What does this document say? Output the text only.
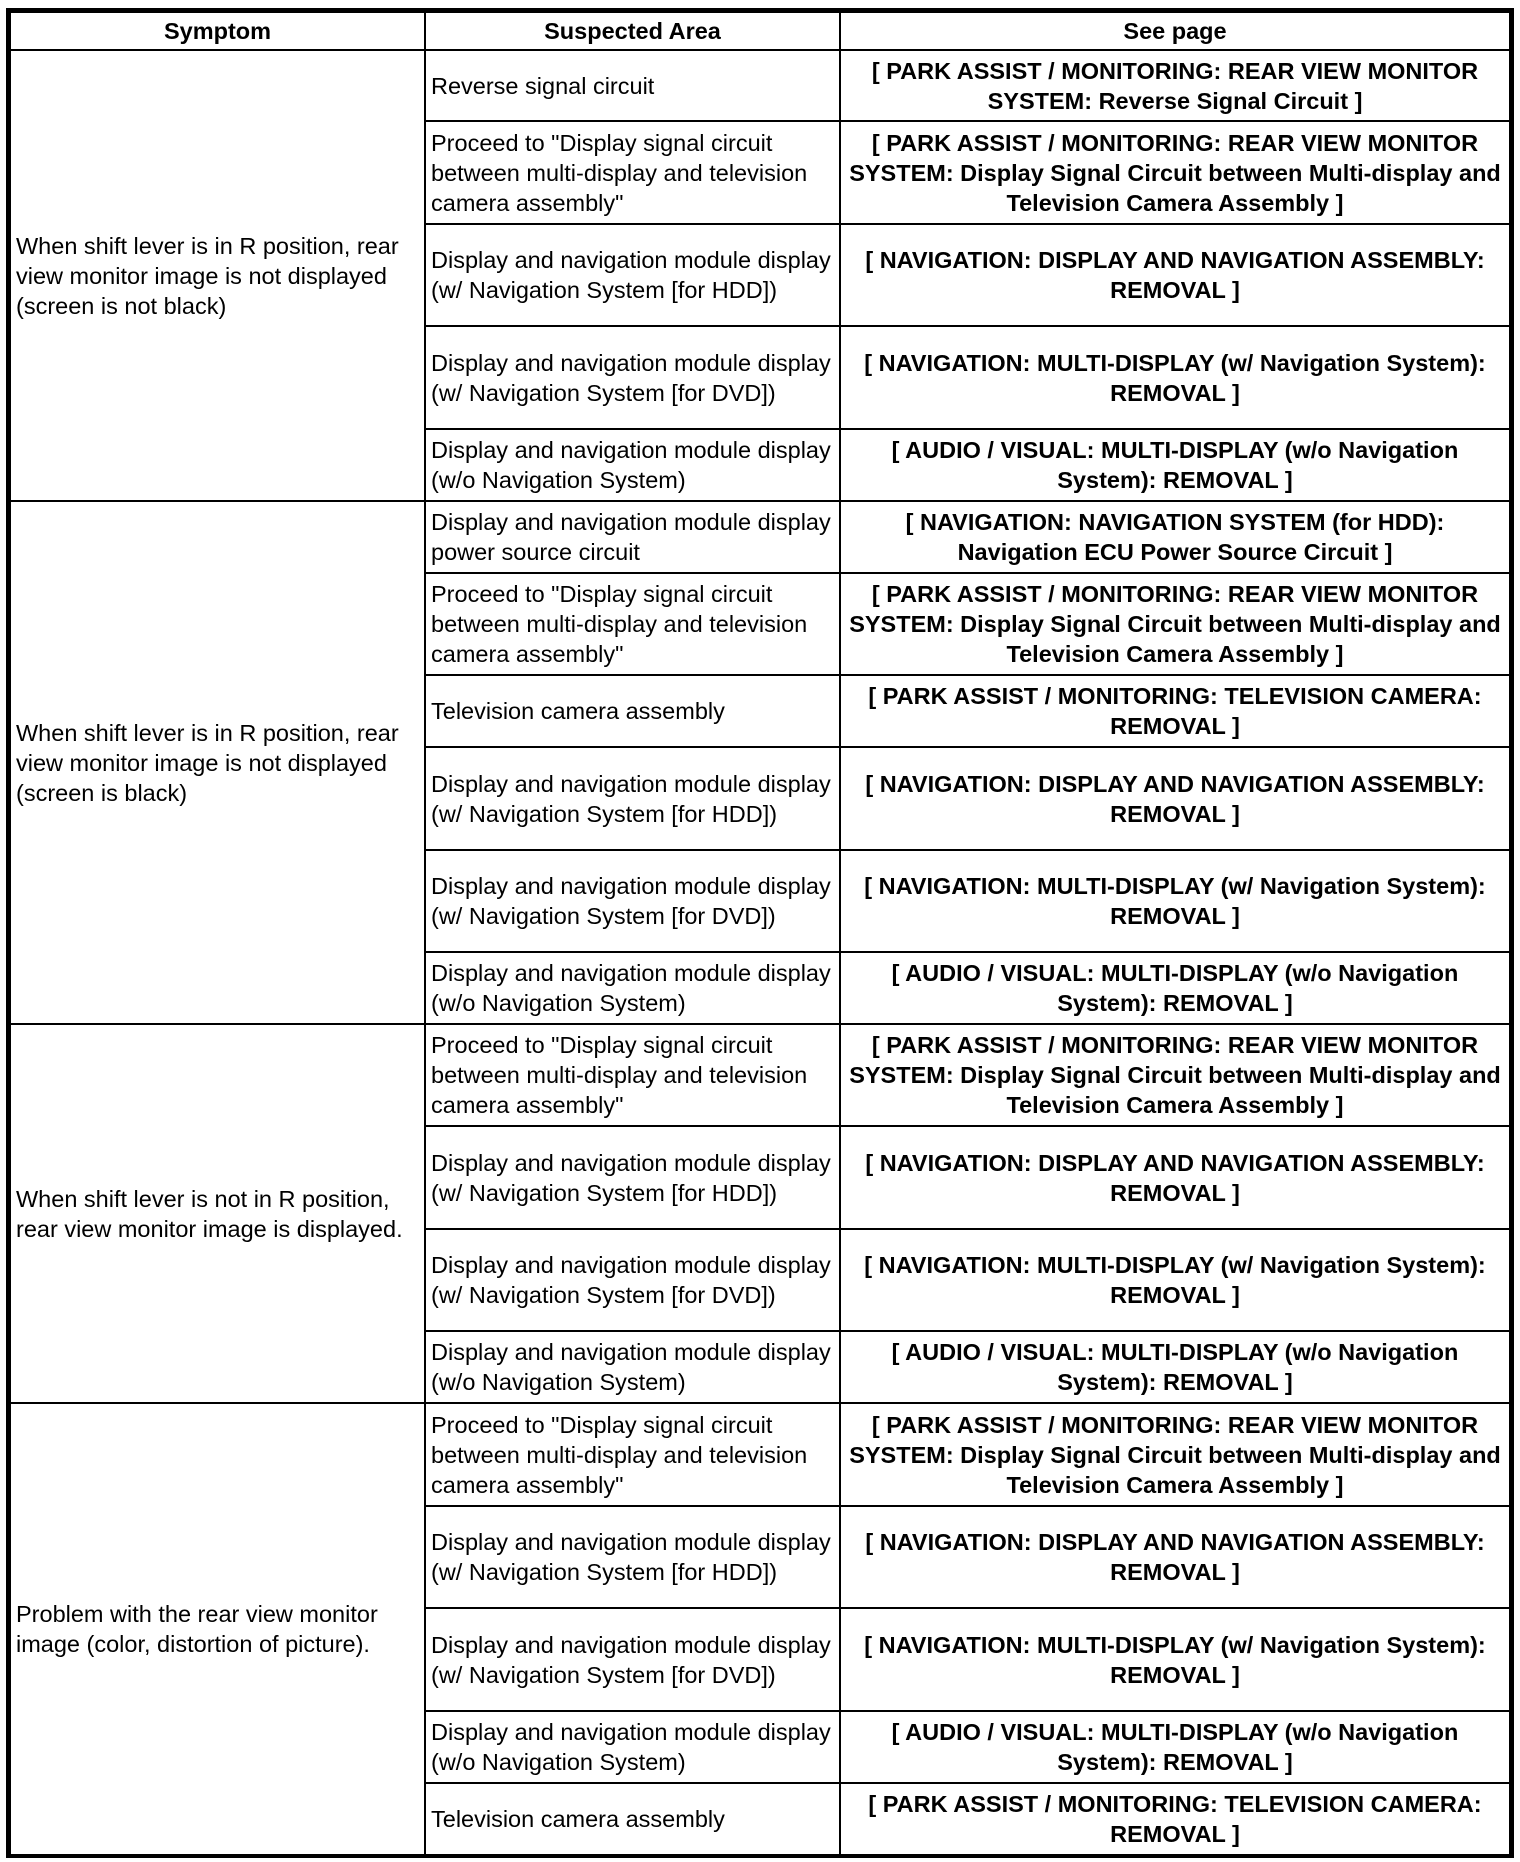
Symptom	Suspected Area	See page
When shift lever is in R position, rear view monitor image is not displayed (screen is not black)	Reverse signal circuit	[ PARK ASSIST / MONITORING: REAR VIEW MONITOR SYSTEM: Reverse Signal Circuit ]
	Proceed to "Display signal circuit between multi-display and television camera assembly"	[ PARK ASSIST / MONITORING: REAR VIEW MONITOR SYSTEM: Display Signal Circuit between Multi-display and Television Camera Assembly ]
	Display and navigation module display (w/ Navigation System [for HDD])	[ NAVIGATION: DISPLAY AND NAVIGATION ASSEMBLY: REMOVAL ]
	Display and navigation module display (w/ Navigation System [for DVD])	[ NAVIGATION: MULTI-DISPLAY (w/ Navigation System): REMOVAL ]
	Display and navigation module display (w/o Navigation System)	[ AUDIO / VISUAL: MULTI-DISPLAY (w/o Navigation System): REMOVAL ]
When shift lever is in R position, rear view monitor image is not displayed (screen is black)	Display and navigation module display power source circuit	[ NAVIGATION: NAVIGATION SYSTEM (for HDD): Navigation ECU Power Source Circuit ]
	Proceed to "Display signal circuit between multi-display and television camera assembly"	[ PARK ASSIST / MONITORING: REAR VIEW MONITOR SYSTEM: Display Signal Circuit between Multi-display and Television Camera Assembly ]
	Television camera assembly	[ PARK ASSIST / MONITORING: TELEVISION CAMERA: REMOVAL ]
	Display and navigation module display (w/ Navigation System [for HDD])	[ NAVIGATION: DISPLAY AND NAVIGATION ASSEMBLY: REMOVAL ]
	Display and navigation module display (w/ Navigation System [for DVD])	[ NAVIGATION: MULTI-DISPLAY (w/ Navigation System): REMOVAL ]
	Display and navigation module display (w/o Navigation System)	[ AUDIO / VISUAL: MULTI-DISPLAY (w/o Navigation System): REMOVAL ]
When shift lever is not in R position, rear view monitor image is displayed.	Proceed to "Display signal circuit between multi-display and television camera assembly"	[ PARK ASSIST / MONITORING: REAR VIEW MONITOR SYSTEM: Display Signal Circuit between Multi-display and Television Camera Assembly ]
	Display and navigation module display (w/ Navigation System [for HDD])	[ NAVIGATION: DISPLAY AND NAVIGATION ASSEMBLY: REMOVAL ]
	Display and navigation module display (w/ Navigation System [for DVD])	[ NAVIGATION: MULTI-DISPLAY (w/ Navigation System): REMOVAL ]
	Display and navigation module display (w/o Navigation System)	[ AUDIO / VISUAL: MULTI-DISPLAY (w/o Navigation System): REMOVAL ]
Problem with the rear view monitor image (color, distortion of picture).	Proceed to "Display signal circuit between multi-display and television camera assembly"	[ PARK ASSIST / MONITORING: REAR VIEW MONITOR SYSTEM: Display Signal Circuit between Multi-display and Television Camera Assembly ]
	Display and navigation module display (w/ Navigation System [for HDD])	[ NAVIGATION: DISPLAY AND NAVIGATION ASSEMBLY: REMOVAL ]
	Display and navigation module display (w/ Navigation System [for DVD])	[ NAVIGATION: MULTI-DISPLAY (w/ Navigation System): REMOVAL ]
	Display and navigation module display (w/o Navigation System)	[ AUDIO / VISUAL: MULTI-DISPLAY (w/o Navigation System): REMOVAL ]
	Television camera assembly	[ PARK ASSIST / MONITORING: TELEVISION CAMERA: REMOVAL ]
